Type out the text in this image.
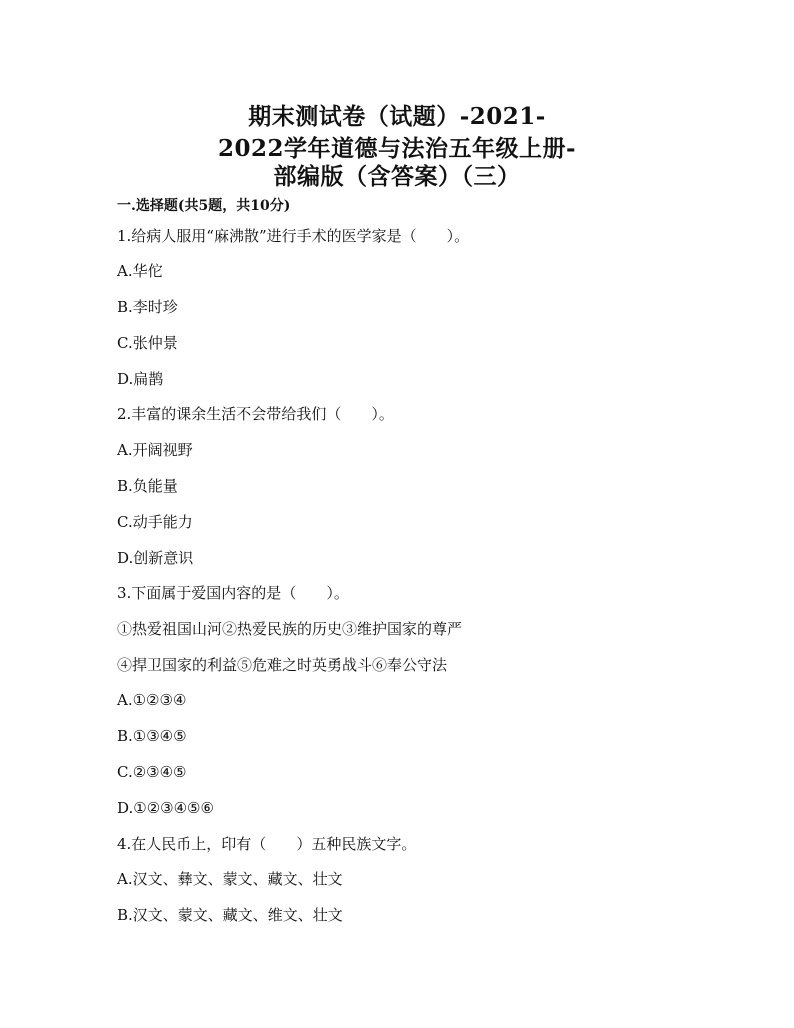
期末测试卷（试题）-2021-
2022学年道德与法治五年级上册-
部编版（含答案）（三）
一.选择题(共5题，共10分)
1.给病人服用“麻沸散”进行手术的医学家是（　　）。
A.华佗
B.李时珍
C.张仲景
D.扁鹊
2.丰富的课余生活不会带给我们（　　）。
A.开阔视野
B.负能量
C.动手能力
D.创新意识
3.下面属于爱国内容的是（　　）。
①热爱祖国山河②热爱民族的历史③维护国家的尊严
④捍卫国家的利益⑤危难之时英勇战斗⑥奉公守法
A.①②③④
B.①③④⑤
C.②③④⑤
D.①②③④⑤⑥
4.在人民币上，印有（　　）五种民族文字。
A.汉文、彝文、蒙文、藏文、壮文
B.汉文、蒙文、藏文、维文、壮文
